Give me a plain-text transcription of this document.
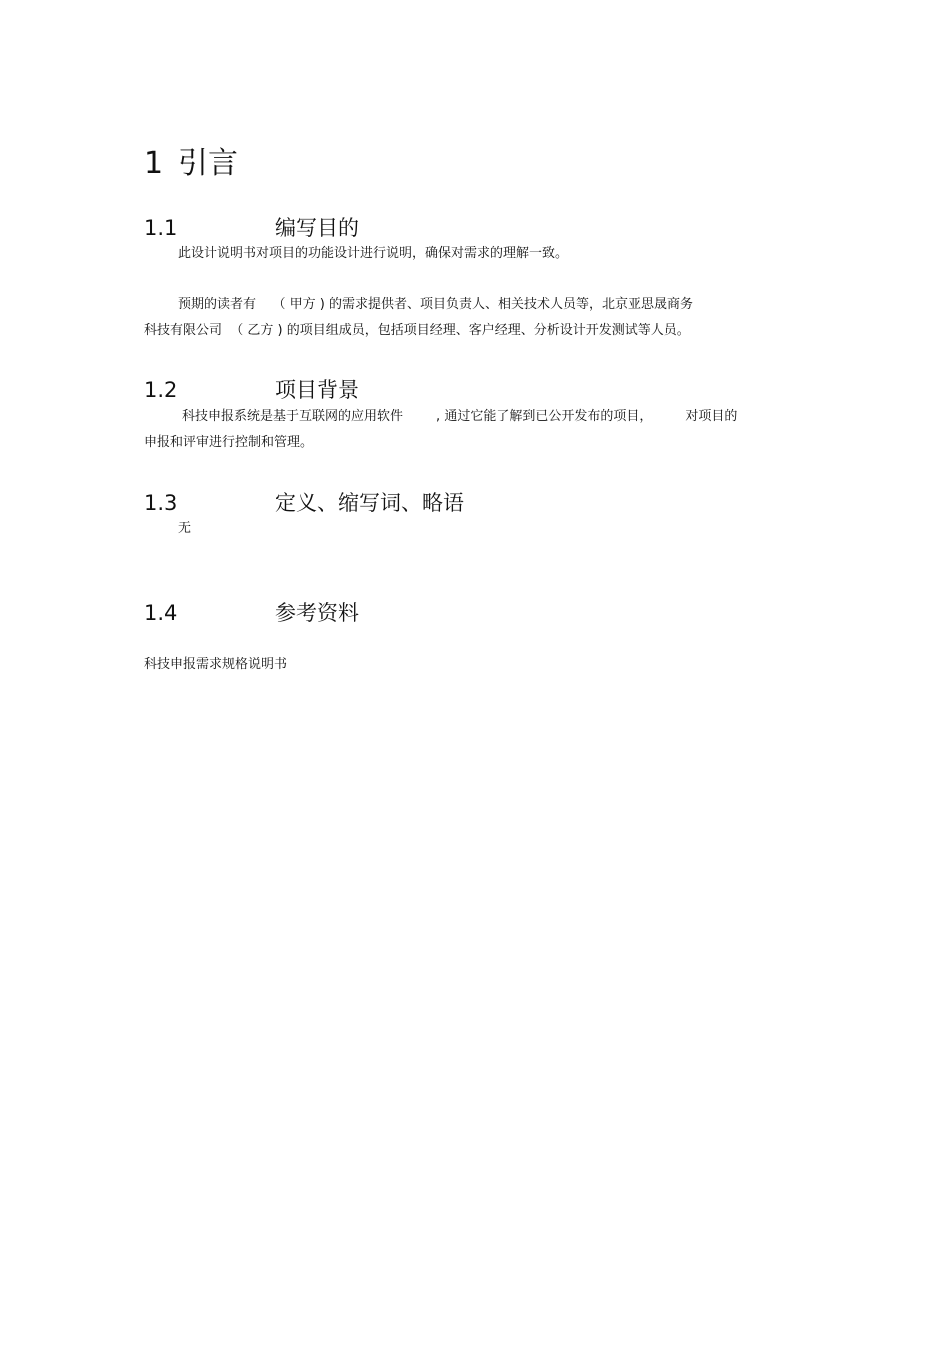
1 引言
1.1	编写目的
此设计说明书对项目的功能设计进行说明，确保对需求的理解一致。
预期的读者有    （ 甲方 ) 的需求提供者、项目负责人、相关技术人员等，北京亚思晟商务
科技有限公司  （ 乙方 ) 的项目组成员，包括项目经理、客户经理、分析设计开发测试等人员。
1.2	项目背景
科技申报系统是基于互联网的应用软件        , 通过它能了解到已公开发布的项目，        对项目的
申报和评审进行控制和管理。
1.3	定义、缩写词、略语
无
1.4	参考资料
科技申报需求规格说明书
